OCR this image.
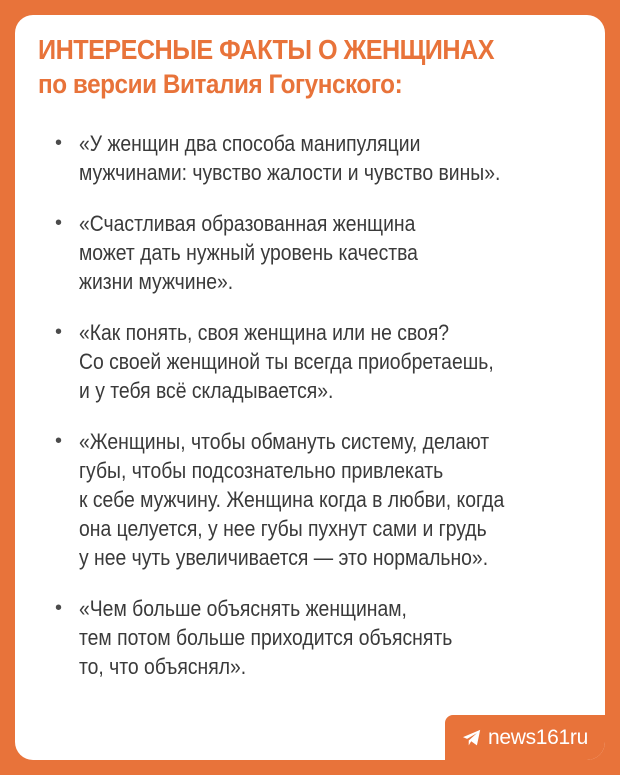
ИНТЕРЕСНЫЕ ФАКТЫ О ЖЕНЩИНАХ
по версии Виталия Гогунского:
• «У женщин два способа манипуляции
мужчинами: чувство жалости и чувство вины».
• «Счастливая образованная женщина
может дать нужный уровень качества
жизни мужчине».
• «Как понять, своя женщина или не своя?
Со своей женщиной ты всегда приобретаешь,
и у тебя всё складывается».
• «Женщины, чтобы обмануть систему, делают
губы, чтобы подсознательно привлекать
к себе мужчину. Женщина когда в любви, когда
она целуется, у нее губы пухнут сами и грудь
у нее чуть увеличивается — это нормально».
• «Чем больше объяснять женщинам,
тем потом больше приходится объяснять
то, что объяснял».
news161ru
